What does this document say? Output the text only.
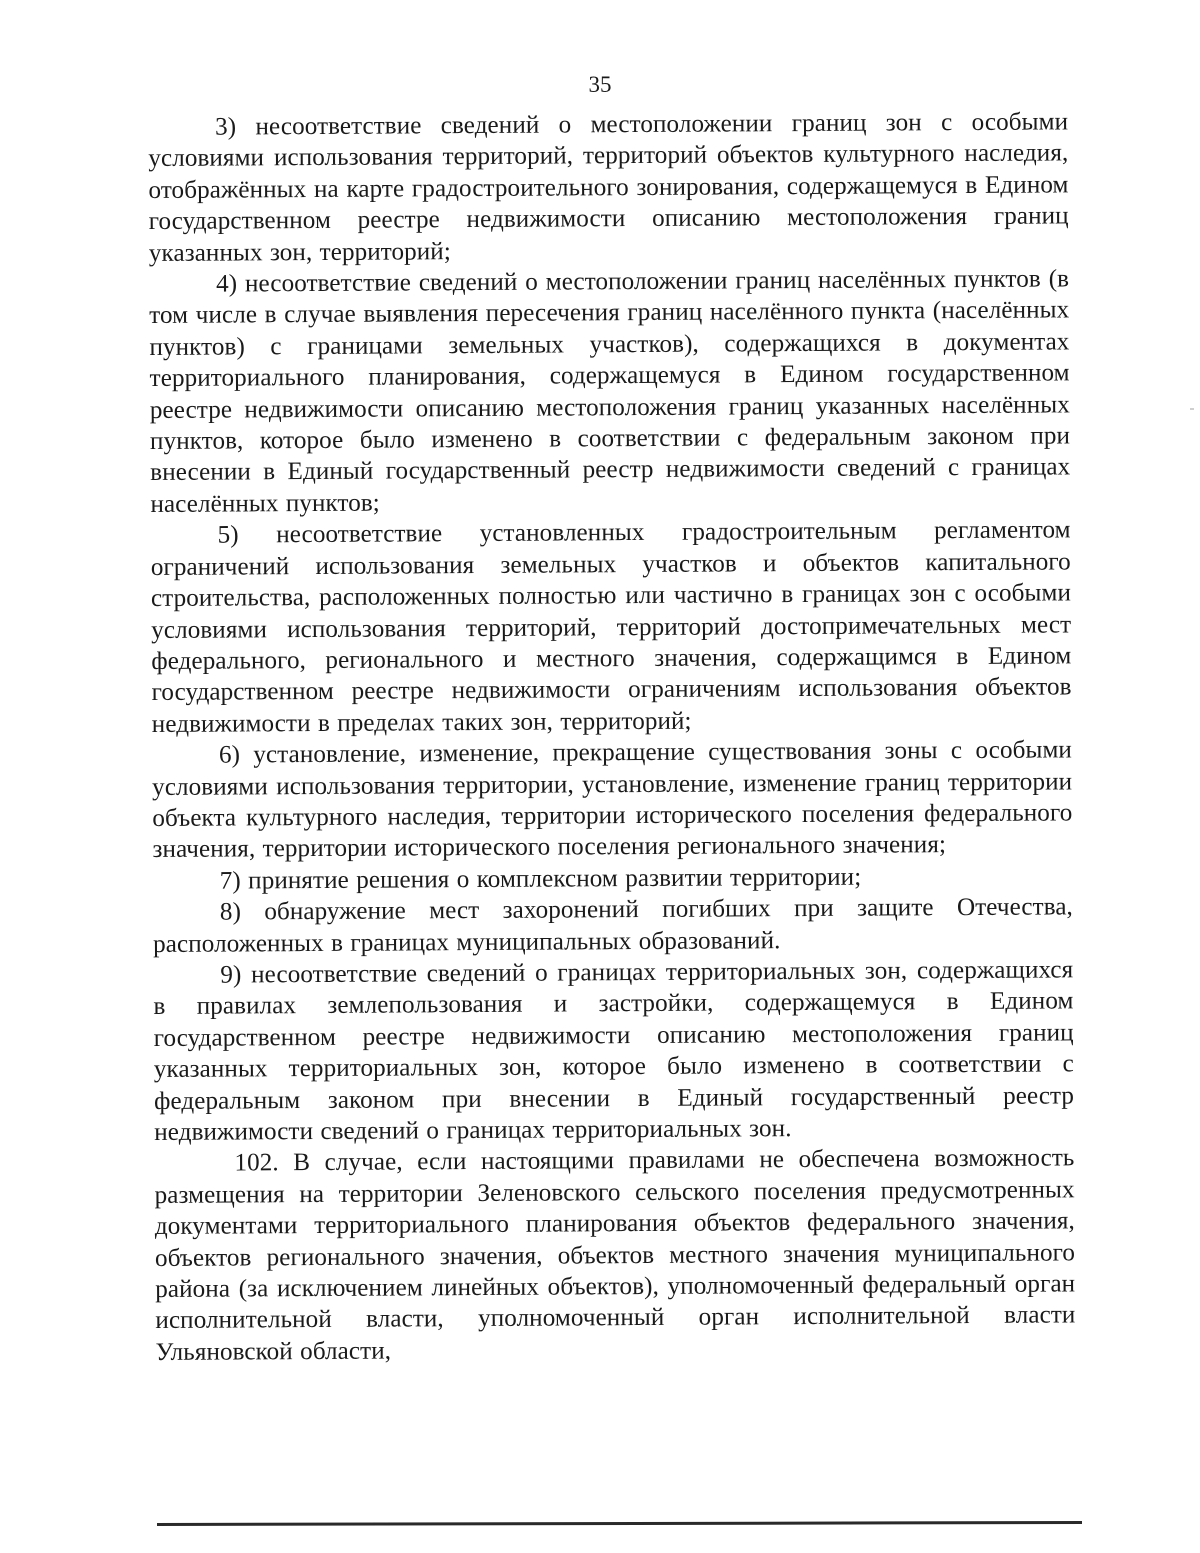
35

3) несоответствие сведений о местоположении границ зон с особыми условиями использования территорий, территорий объектов культурного наследия, отображённых на карте градостроительного зонирования, содержащемуся в Едином государственном реестре недвижимости описанию местоположения границ указанных зон, территорий;

4) несоответствие сведений о местоположении границ населённых пунктов (в том числе в случае выявления пересечения границ населённого пункта (населённых пунктов) с границами земельных участков), содержащихся в документах территориального планирования, содержащемуся в Едином государственном реестре недвижимости описанию местоположения границ указанных населённых пунктов, которое было изменено в соответствии с федеральным законом при внесении в Единый государственный реестр недвижимости сведений с границах населённых пунктов;

5) несоответствие установленных градостроительным регламентом ограничений использования земельных участков и объектов капитального строительства, расположенных полностью или частично в границах зон с особыми условиями использования территорий, территорий достопримечательных мест федерального, регионального и местного значения, содержащимся в Едином государственном реестре недвижимости ограничениям использования объектов недвижимости в пределах таких зон, территорий;

6) установление, изменение, прекращение существования зоны с особыми условиями использования территории, установление, изменение границ территории объекта культурного наследия, территории исторического поселения федерального значения, территории исторического поселения регионального значения;

7) принятие решения о комплексном развитии территории;

8) обнаружение мест захоронений погибших при защите Отечества, расположенных в границах муниципальных образований.

9) несоответствие сведений о границах территориальных зон, содержащихся в правилах землепользования и застройки, содержащемуся в Едином государственном реестре недвижимости описанию местоположения границ указанных территориальных зон, которое было изменено в соответствии с федеральным законом при внесении в Единый государственный реестр недвижимости сведений о границах территориальных зон.

102. В случае, если настоящими правилами не обеспечена возможность размещения на территории Зеленовского сельского поселения предусмотренных документами территориального планирования объектов федерального значения, объектов регионального значения, объектов местного значения муниципального района (за исключением линейных объектов), уполномоченный федеральный орган исполнительной власти, уполномоченный орган исполнительной власти Ульяновской области,
